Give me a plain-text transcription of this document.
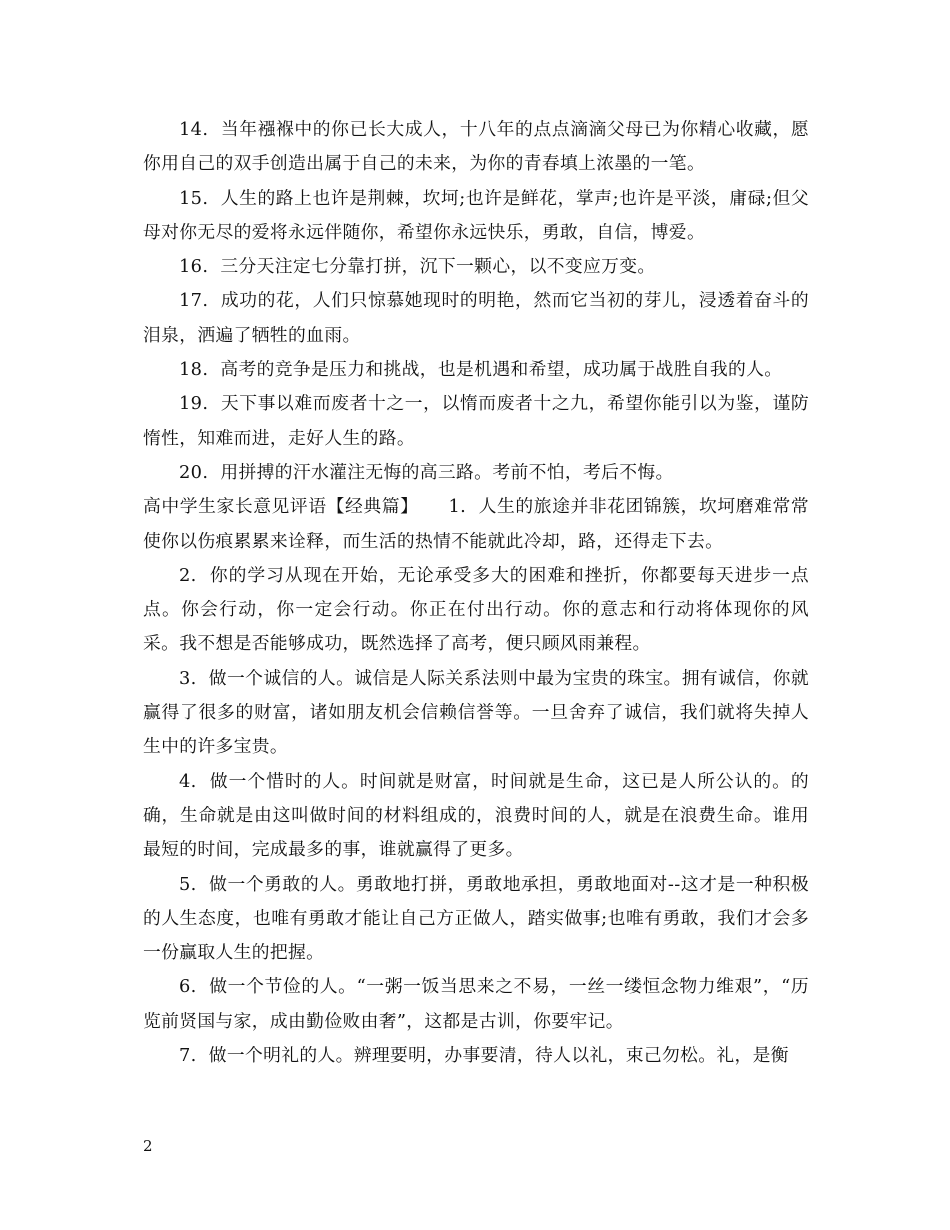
14. 当年襁褓中的你已长大成人，十八年的点点滴滴父母已为你精心收藏，愿你用自己的双手创造出属于自己的未来，为你的青春填上浓墨的一笔。

15. 人生的路上也许是荆棘，坎坷;也许是鲜花，掌声;也许是平淡，庸碌;但父母对你无尽的爱将永远伴随你，希望你永远快乐，勇敢，自信，博爱。

16. 三分天注定七分靠打拼，沉下一颗心，以不变应万变。

17. 成功的花，人们只惊慕她现时的明艳，然而它当初的芽儿，浸透着奋斗的泪泉，洒遍了牺牲的血雨。

18. 高考的竞争是压力和挑战，也是机遇和希望，成功属于战胜自我的人。

19. 天下事以难而废者十之一，以惰而废者十之九，希望你能引以为鉴，谨防惰性，知难而进，走好人生的路。

20. 用拼搏的汗水灌注无悔的高三路。考前不怕，考后不悔。

高中学生家长意见评语【经典篇】 1. 人生的旅途并非花团锦簇，坎坷磨难常常使你以伤痕累累来诠释，而生活的热情不能就此冷却，路，还得走下去。

2. 你的学习从现在开始，无论承受多大的困难和挫折，你都要每天进步一点点。你会行动，你一定会行动。你正在付出行动。你的意志和行动将体现你的风采。我不想是否能够成功，既然选择了高考，便只顾风雨兼程。

3. 做一个诚信的人。诚信是人际关系法则中最为宝贵的珠宝。拥有诚信，你就赢得了很多的财富，诸如朋友机会信赖信誉等。一旦舍弃了诚信，我们就将失掉人生中的许多宝贵。

4. 做一个惜时的人。时间就是财富，时间就是生命，这已是人所公认的。的确，生命就是由这叫做时间的材料组成的，浪费时间的人，就是在浪费生命。谁用最短的时间，完成最多的事，谁就赢得了更多。

5. 做一个勇敢的人。勇敢地打拼，勇敢地承担，勇敢地面对--这才是一种积极的人生态度，也唯有勇敢才能让自己方正做人，踏实做事;也唯有勇敢，我们才会多一份赢取人生的把握。

6. 做一个节俭的人。“一粥一饭当思来之不易，一丝一缕恒念物力维艰”，“历览前贤国与家，成由勤俭败由奢”，这都是古训，你要牢记。

7. 做一个明礼的人。辨理要明，办事要清，待人以礼，束己勿松。礼，是衡

2
